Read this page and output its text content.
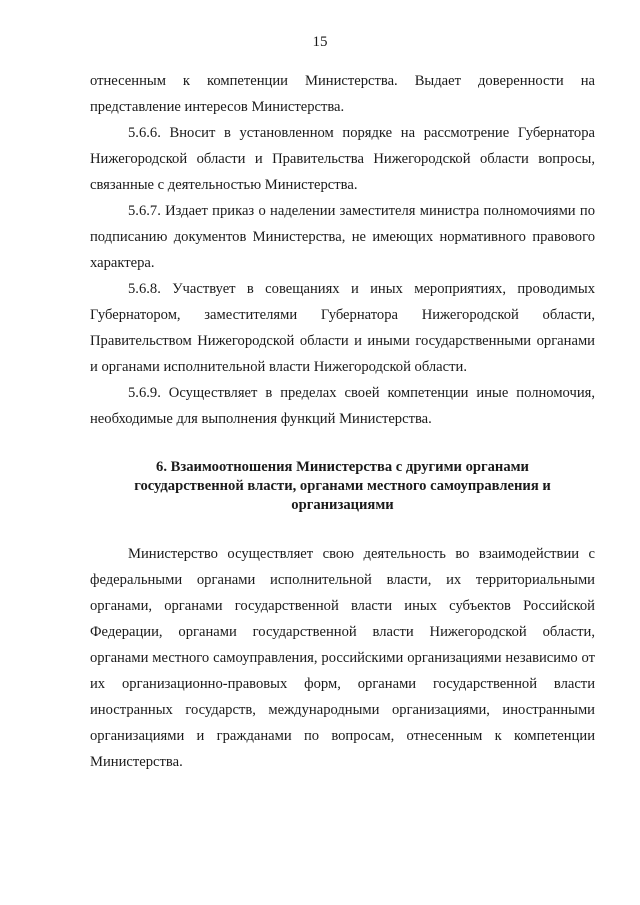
15

отнесенным к компетенции Министерства. Выдает доверенности на представление интересов Министерства.

5.6.6. Вносит в установленном порядке на рассмотрение Губернатора Нижегородской области и Правительства Нижегородской области вопросы, связанные с деятельностью Министерства.

5.6.7. Издает приказ о наделении заместителя министра полномочиями по подписанию документов Министерства, не имеющих нормативного правового характера.

5.6.8. Участвует в совещаниях и иных мероприятиях, проводимых Губернатором, заместителями Губернатора Нижегородской области, Правительством Нижегородской области и иными государственными органами и органами исполнительной власти Нижегородской области.

5.6.9. Осуществляет в пределах своей компетенции иные полномочия, необходимые для выполнения функций Министерства.

6. Взаимоотношения Министерства с другими органами государственной власти, органами местного самоуправления и организациями

Министерство осуществляет свою деятельность во взаимодействии с федеральными органами исполнительной власти, их территориальными органами, органами государственной власти иных субъектов Российской Федерации, органами государственной власти Нижегородской области, органами местного самоуправления, российскими организациями независимо от их организационно-правовых форм, органами государственной власти иностранных государств, международными организациями, иностранными организациями и гражданами по вопросам, отнесенным к компетенции Министерства.
